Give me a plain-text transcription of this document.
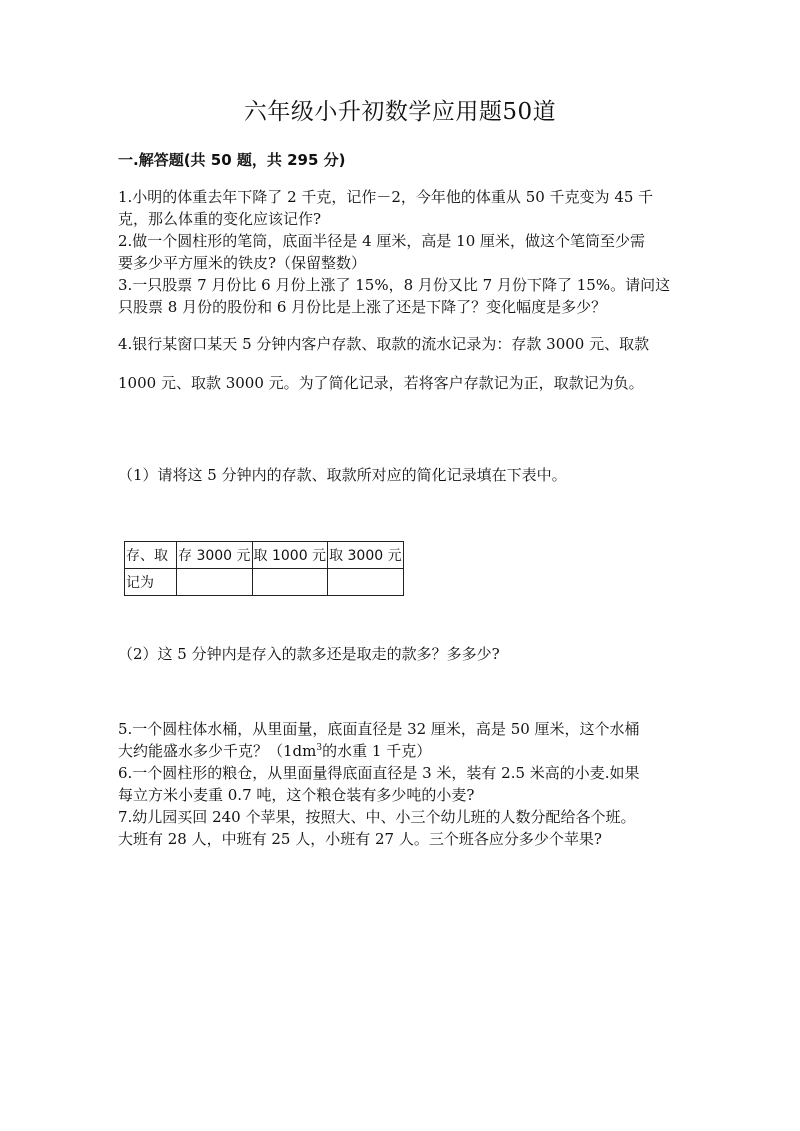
六年级小升初数学应用题50道
一.解答题(共 50 题，共 295 分)
1.小明的体重去年下降了 2 千克，记作－2，今年他的体重从 50 千克变为 45 千
克，那么体重的变化应该记作?
2.做一个圆柱形的笔筒，底面半径是 4 厘米，高是 10 厘米，做这个笔筒至少需
要多少平方厘米的铁皮?（保留整数）
3.一只股票 7 月份比 6 月份上涨了 15%，8 月份又比 7 月份下降了 15%。请问这
只股票 8 月份的股份和 6 月份比是上涨了还是下降了？变化幅度是多少？
4.银行某窗口某天 5 分钟内客户存款、取款的流水记录为：存款 3000 元、取款
1000 元、取款 3000 元。为了简化记录，若将客户存款记为正，取款记为负。
（1）请将这 5 分钟内的存款、取款所对应的简化记录填在下表中。
存、取	存 3000 元	取 1000 元	取 3000 元
记为			
（2）这 5 分钟内是存入的款多还是取走的款多？多多少?
5.一个圆柱体水桶，从里面量，底面直径是 32 厘米，高是 50 厘米，这个水桶
大约能盛水多少千克？（$1dm^3$的水重 1 千克）
6.一个圆柱形的粮仓，从里面量得底面直径是 3 米，装有 2.5 米高的小麦.如果
每立方米小麦重 0.7 吨，这个粮仓装有多少吨的小麦?
7.幼儿园买回 240 个苹果，按照大、中、小三个幼儿班的人数分配给各个班。
大班有 28 人，中班有 25 人，小班有 27 人。三个班各应分多少个苹果?
